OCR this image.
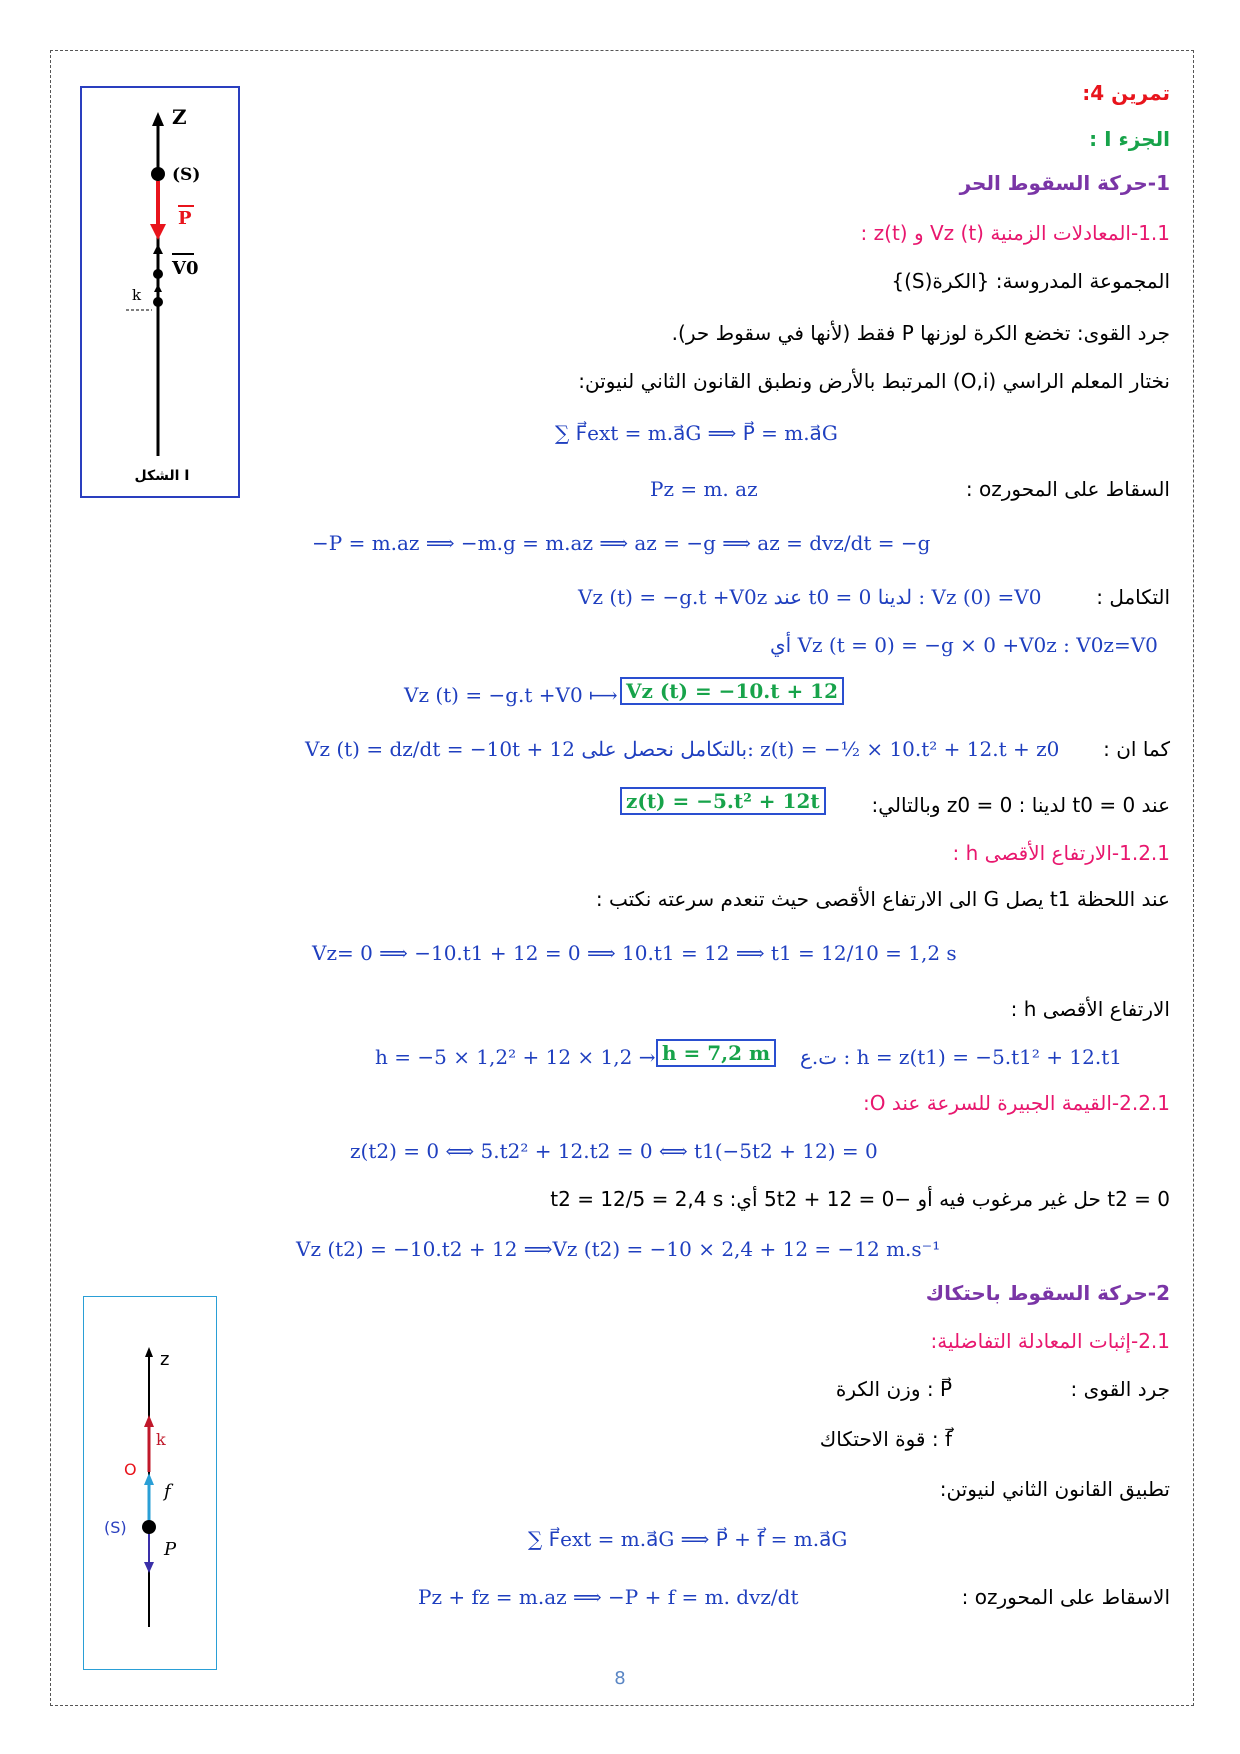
Z
(S)
P
V0
k
الشكل I
z
k
O
f
(S)
P
تمرين 4:
الجزء I :
1-حركة السقوط الحر
1.1-المعادلات الزمنية Vz (t) و z(t) :
المجموعة المدروسة: {الكرة(S)}
جرد القوى: تخضع الكرة لوزنها P فقط (لأنها في سقوط حر).
نختار المعلم الراسي (O,i) المرتبط بالأرض ونطبق القانون الثاني لنيوتن:
∑ F⃗ext = m.a⃗G ⟹ P⃗ = m.a⃗G
السقاط على المحورoz :
Pz = m. az
−P = m.az ⟹ −m.g = m.az ⟹ az = −g ⟹ az = dvz/dt = −g
التكامل :
Vz (t) = −g.t +V0z عند t0 = 0 لدينا : Vz (0) =V0
أي Vz (t = 0) = −g × 0 +V0z : V0z=V0
Vz (t) = −g.t +V0 ⟼ Vz (t) = −10.t + 12
كما ان :
Vz (t) = dz/dt = −10t + 12 بالتكامل نحصل على: z(t) = −½ × 10.t² + 12.t + z0
عند t0 = 0 لدينا : z0 = 0 وبالتالي:
z(t) = −5.t² + 12t
1.2.1-الارتفاع الأقصى h :
عند اللحظة t1 يصل G الى الارتفاع الأقصى حيث تنعدم سرعته نكتب :
Vz= 0 ⟹ −10.t1 + 12 = 0 ⟹ 10.t1 = 12 ⟹ t1 = 12/10 = 1,2 s
الارتفاع الأقصى h :
h = −5 × 1,2² + 12 × 1,2 → h = 7,2 m	ت.ع : h = z(t1) = −5.t1² + 12.t1
2.2.1-القيمة الجبيرة للسرعة عند O:
z(t2) = 0 ⟺ 5.t2² + 12.t2 = 0 ⟺ t1(−5t2 + 12) = 0
t2 = 0 حل غير مرغوب فيه أو −5t2 + 12 = 0 أي: t2 = 12/5 = 2,4 s
Vz (t2) = −10.t2 + 12 ⟹Vz (t2) = −10 × 2,4 + 12 = −12 m.s⁻¹
2-حركة السقوط باحتكاك
2.1-إثبات المعادلة التفاضلية:
جرد القوى :
P⃗ : وزن الكرة
f⃗ : قوة الاحتكاك
تطبيق القانون الثاني لنيوتن:
∑ F⃗ext = m.a⃗G ⟹ P⃗ + f⃗ = m.a⃗G
الاسقاط على المحورoz :
Pz + fz = m.az ⟹ −P + f = m. dvz/dt
8
